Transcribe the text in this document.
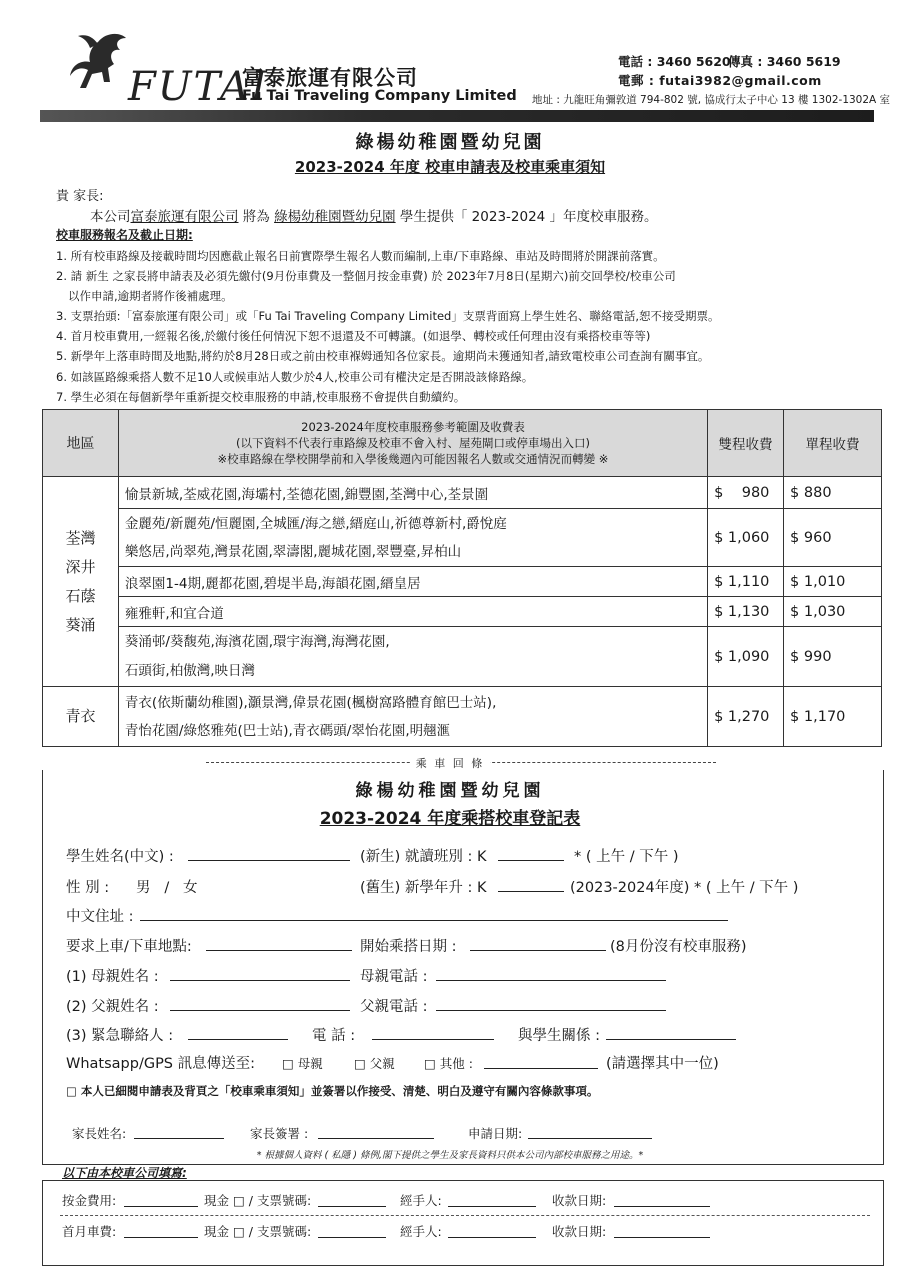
FUTAI
富泰旅運有限公司
Fu Tai Traveling Company Limited
電話 : 3460 5620
傳真 : 3460 5619
電郵 : futai3982@gmail.com
地址 : 九龍旺角彌敦道 794-802 號, 協成行太子中心 13 樓 1302-1302A 室
綠楊幼稚園暨幼兒園
2023-2024 年度 校車申請表及校車乘車須知
貴 家長:
本公司富泰旅運有限公司 將為 綠楊幼稚園暨幼兒園 學生提供「 2023-2024 」年度校車服務。
校車服務報名及截止日期:
1. 所有校車路線及接載時間均因應截止報名日前實際學生報名人數而編制,上車/下車路線、車站及時間將於開課前落實。
2. 請 新生 之家長將申請表及必須先繳付(9月份車費及一整個月按金車費) 於 2023年7月8日(星期六)前交回學校/校車公司
以作申請,逾期者將作後補處理。
3. 支票抬頭:「富泰旅運有限公司」或「Fu Tai Traveling Company Limited」支票背面寫上學生姓名、聯絡電話,恕不接受期票。
4. 首月校車費用,一經報名後,於繳付後任何情況下恕不退還及不可轉讓。(如退學、轉校或任何理由沒有乘搭校車等等)
5. 新學年上落車時間及地點,將約於8月28日或之前由校車褓姆通知各位家長。逾期尚未獲通知者,請致電校車公司查詢有關事宜。
6. 如該區路線乘搭人數不足10人或候車站人數少於4人,校車公司有權決定是否開設該條路線。
7. 學生必須在每個新學年重新提交校車服務的申請,校車服務不會提供自動續約。
地區	2023-2024年度校車服務參考範圍及收費表
(以下資料不代表行車路線及校車不會入村、屋苑閘口或停車場出入口)
※校車路線在學校開學前和入學後幾週內可能因報名人數或交通情況而轉變 ※	雙程收費	單程收費

荃灣
深井
石蔭
葵涌	愉景新城,荃威花園,海壩村,荃德花園,錦豐園,荃灣中心,荃景圍	$    980	$ 880

	金麗苑/新麗苑/恒麗園,全城匯/海之戀,縉庭山,祈德尊新村,爵悅庭
樂悠居,尚翠苑,灣景花園,翠濤閣,麗城花園,翠豐臺,昇柏山	$ 1,060	$ 960

	浪翠園1-4期,麗都花園,碧堤半島,海韻花園,縉皇居	$ 1,110	$ 1,010

	雍雅軒,和宜合道	$ 1,130	$ 1,030

	葵涌邨/葵馥苑,海濱花園,環宇海灣,海灣花園,
石頭街,柏傲灣,映日灣	$ 1,090	$ 990
青衣	青衣(依斯蘭幼稚園),灝景灣,偉景花園(楓樹窩路體育館巴士站),
青怡花園/綠悠雅苑(巴士站),青衣碼頭/翠怡花園,明翹滙	$ 1,270	$ 1,170
乘 車 回 條
綠楊幼稚園暨幼兒園
2023-2024 年度乘搭校車登記表
學生姓名(中文) :	(新生) 就讀班別 : K	* ( 上午 / 下午 )
性 別 : 男   /   女	(舊生) 新學年升 : K	(2023-2024年度) * ( 上午 / 下午 )
中文住址 :
要求上車/下車地點:	開始乘搭日期 :	(8月份沒有校車服務)
(1) 母親姓名 :	母親電話 :
(2) 父親姓名 :	父親電話 :
(3) 緊急聯絡人 :	電 話 :	與學生關係 :
Whatsapp/GPS 訊息傳送至: □ 母親 □ 父親 □ 其他 :	(請選擇其中一位)
□ 本人已細閱申請表及背頁之「校車乘車須知」並簽署以作接受、清楚、明白及遵守有關內容條款事項。
家長姓名:	家長簽署 :	申請日期:
* 根據個人資料 ( 私隱 ) 條例,閣下提供之學生及家長資料只供本公司內部校車服務之用途。*
以下由本校車公司填寫:
按金費用:	現金 □ / 支票號碼:	經手人:	收款日期:
首月車費:	現金 □ / 支票號碼:	經手人:	收款日期:
